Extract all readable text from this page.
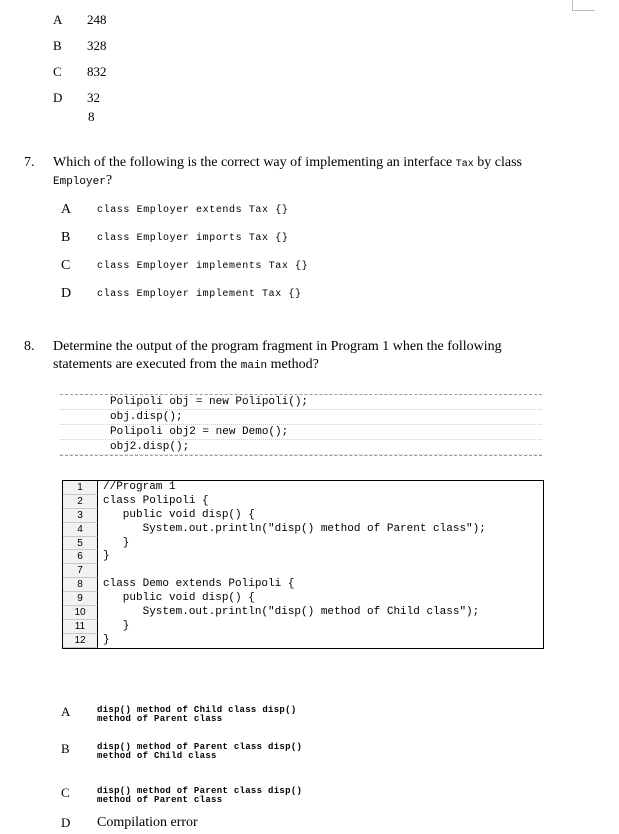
A 248
B 328
C 832
D 32
8
7. Which of the following is the correct way of implementing an interface Tax by class
Employer?
A	class Employer extends Tax {}
B	class Employer imports Tax {}
C	class Employer implements Tax {}
D	class Employer implement Tax {}
8. Determine the output of the program fragment in Program 1 when the following
statements are executed from the main method?
Polipoli obj = new Polipoli();
obj.disp();
Polipoli obj2 = new Demo();
obj2.disp();
1	//Program 1
2	class Polipoli {
3	public void disp() {
4	System.out.println("disp() method of Parent class");
5	}
6	}
7
8	class Demo extends Polipoli {
9	public void disp() {
10	System.out.println("disp() method of Child class");
11	}
12	}
A	disp() method of Child class disp()
method of Parent class
B	disp() method of Parent class disp()
method of Child class
C	disp() method of Parent class disp()
method of Parent class
D Compilation error
